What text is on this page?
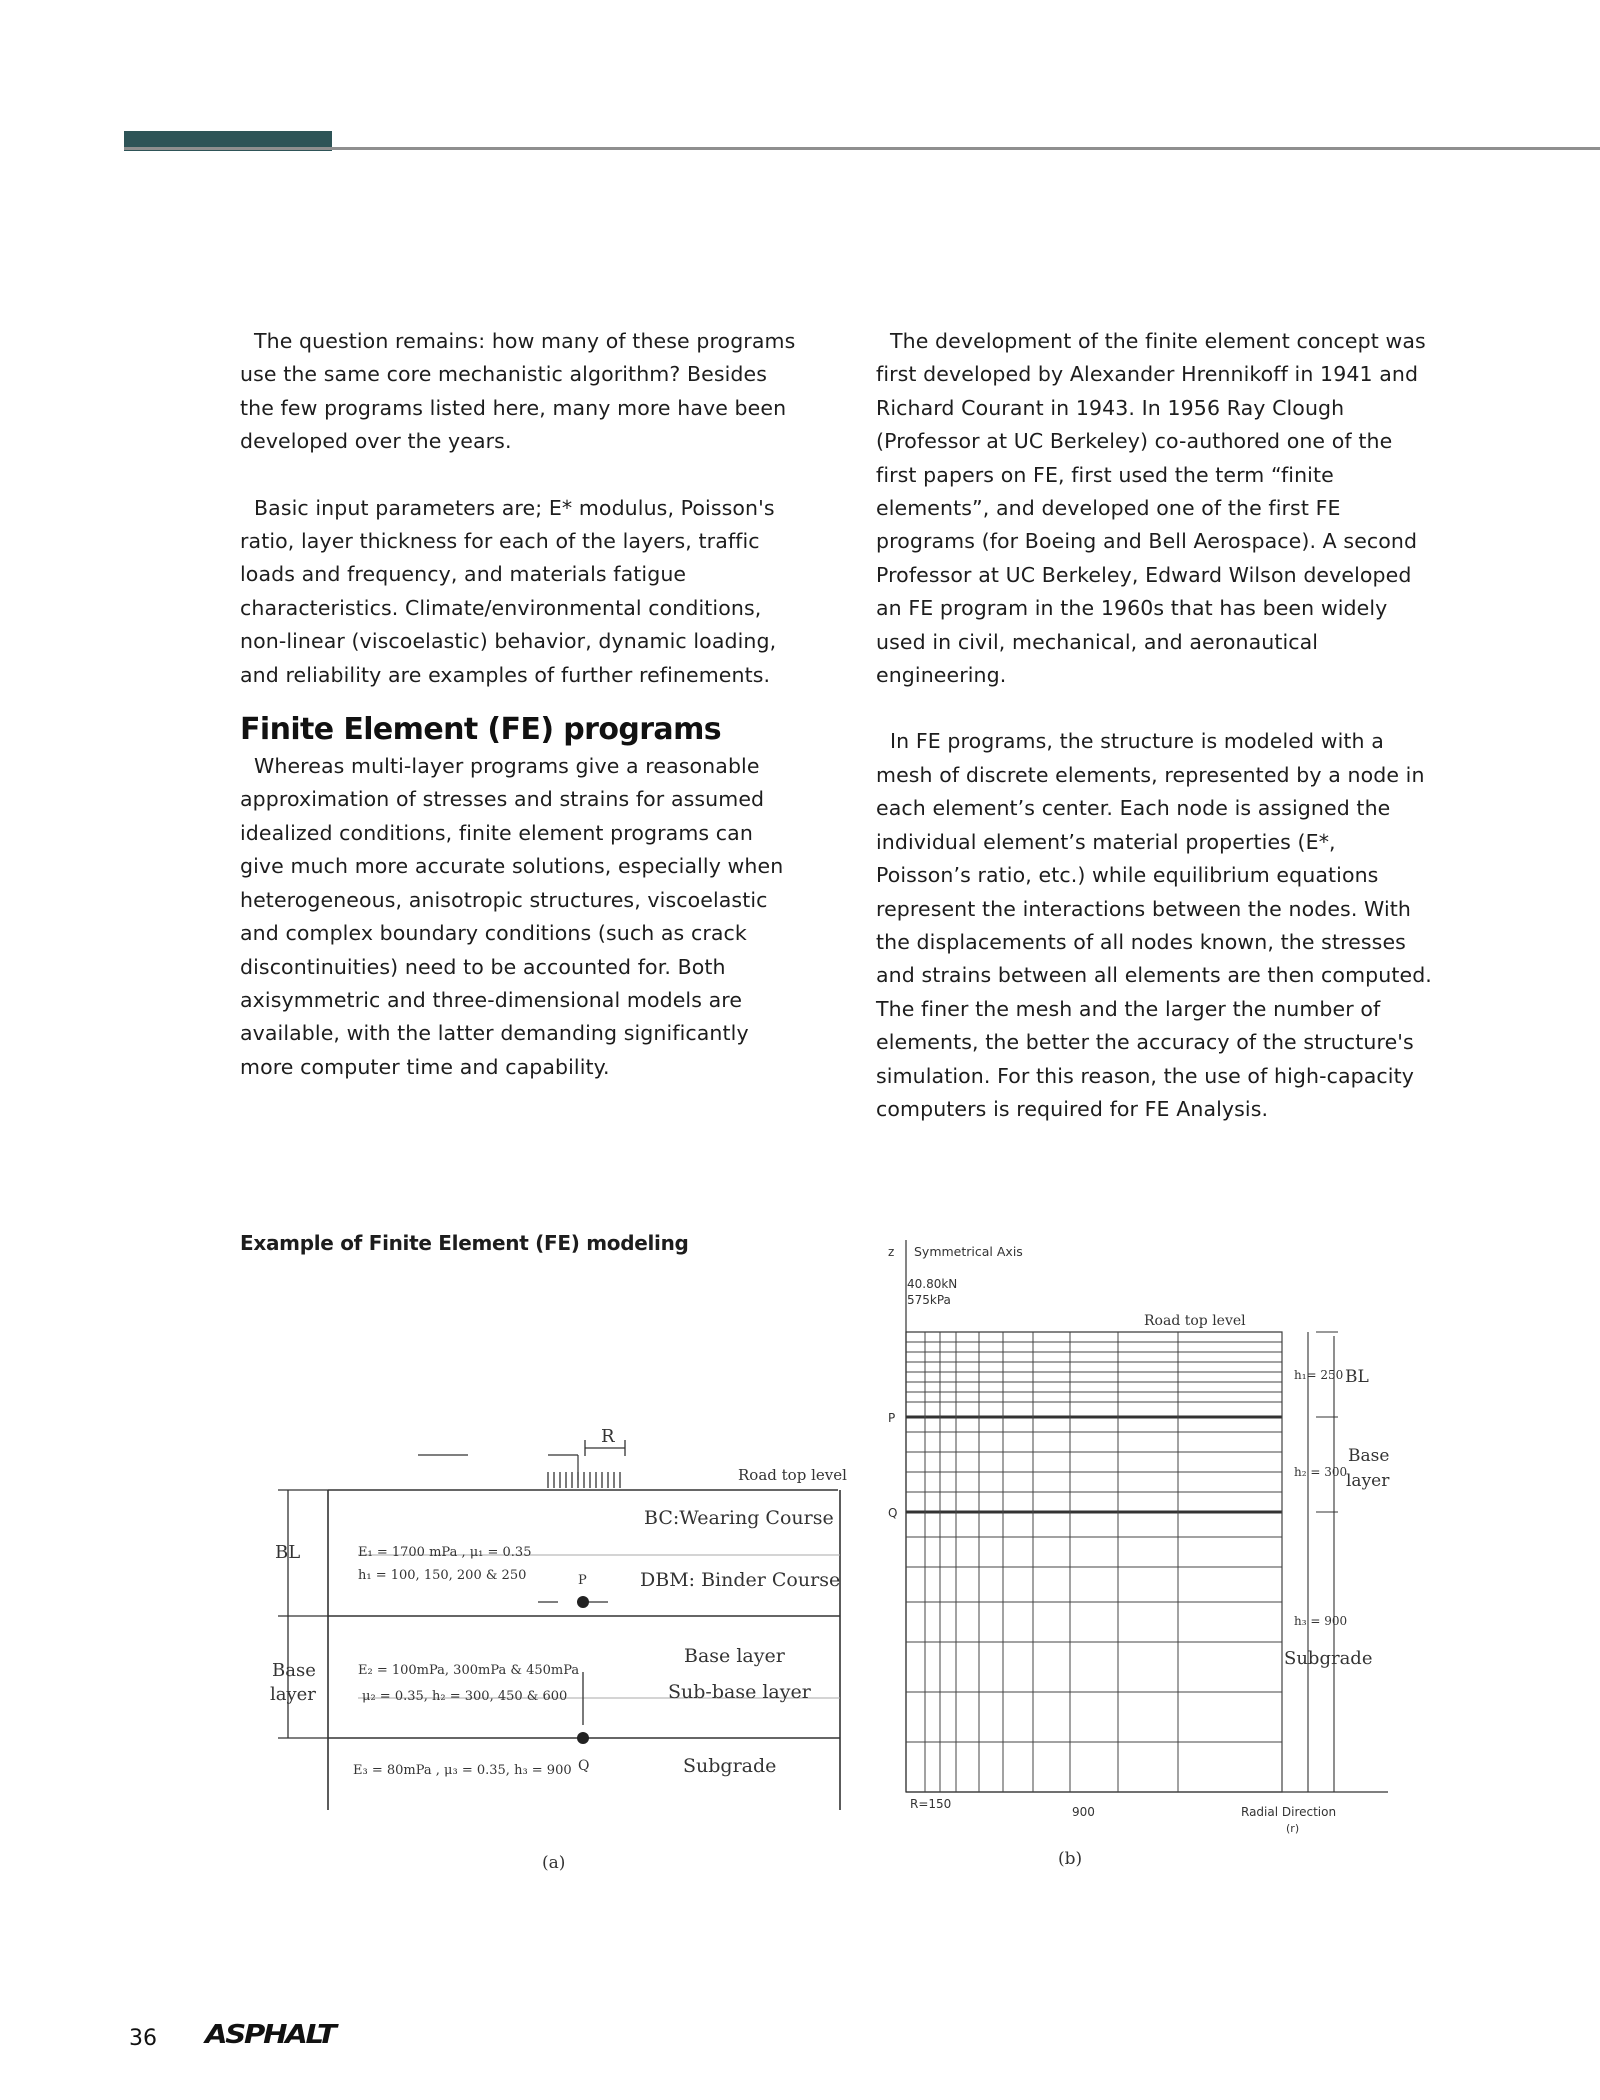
The question remains: how many of these programs use the same core mechanistic algorithm? Besides the few programs listed here, many more have been developed over the years.

Basic input parameters are; E* modulus, Poisson's ratio, layer thickness for each of the layers, traffic loads and frequency, and materials fatigue characteristics. Climate/environmental conditions, non-linear (viscoelastic) behavior, dynamic loading, and reliability are examples of further refinements.

Finite Element (FE) programs

Whereas multi-layer programs give a reasonable approximation of stresses and strains for assumed idealized conditions, finite element programs can give much more accurate solutions, especially when heterogeneous, anisotropic structures, viscoelastic and complex boundary conditions (such as crack discontinuities) need to be accounted for. Both axisymmetric and three-dimensional models are available, with the latter demanding significantly more computer time and capability.

The development of the finite element concept was first developed by Alexander Hrennikoff in 1941 and Richard Courant in 1943. In 1956 Ray Clough (Professor at UC Berkeley) co-authored one of the first papers on FE, first used the term “finite elements”, and developed one of the first FE programs (for Boeing and Bell Aerospace). A second Professor at UC Berkeley, Edward Wilson developed an FE program in the 1960s that has been widely used in civil, mechanical, and aeronautical engineering.

In FE programs, the structure is modeled with a mesh of discrete elements, represented by a node in each element’s center. Each node is assigned the individual element’s material properties (E*, Poisson’s ratio, etc.) while equilibrium equations represent the interactions between the nodes. With the displacements of all nodes known, the stresses and strains between all elements are then computed. The finer the mesh and the larger the number of elements, the better the accuracy of the structure's simulation. For this reason, the use of high-capacity computers is required for FE Analysis.

Example of Finite Element (FE) modeling
R
Road top level
BL
Base
layer
BC:Wearing Course
DBM: Binder Course
Base layer
Sub-base layer
Subgrade
E₁ = 1700 mPa , μ₁ = 0.35
h₁ = 100, 150, 200 & 250
E₂ = 100mPa, 300mPa & 450mPa
μ₂ = 0.35, h₂ = 300, 450 & 600
E₃ = 80mPa , μ₃ = 0.35, h₃ = 900
P
Q
(a)
z Symmetrical Axis
40.80kN
575kPa
Road top level
h₁= 250
h₂ = 300
h₃ = 900
BL
Base
layer
Subgrade
P
Q
R=150
900	Radial Direction
(r)
(b)
36 ASPHALT
